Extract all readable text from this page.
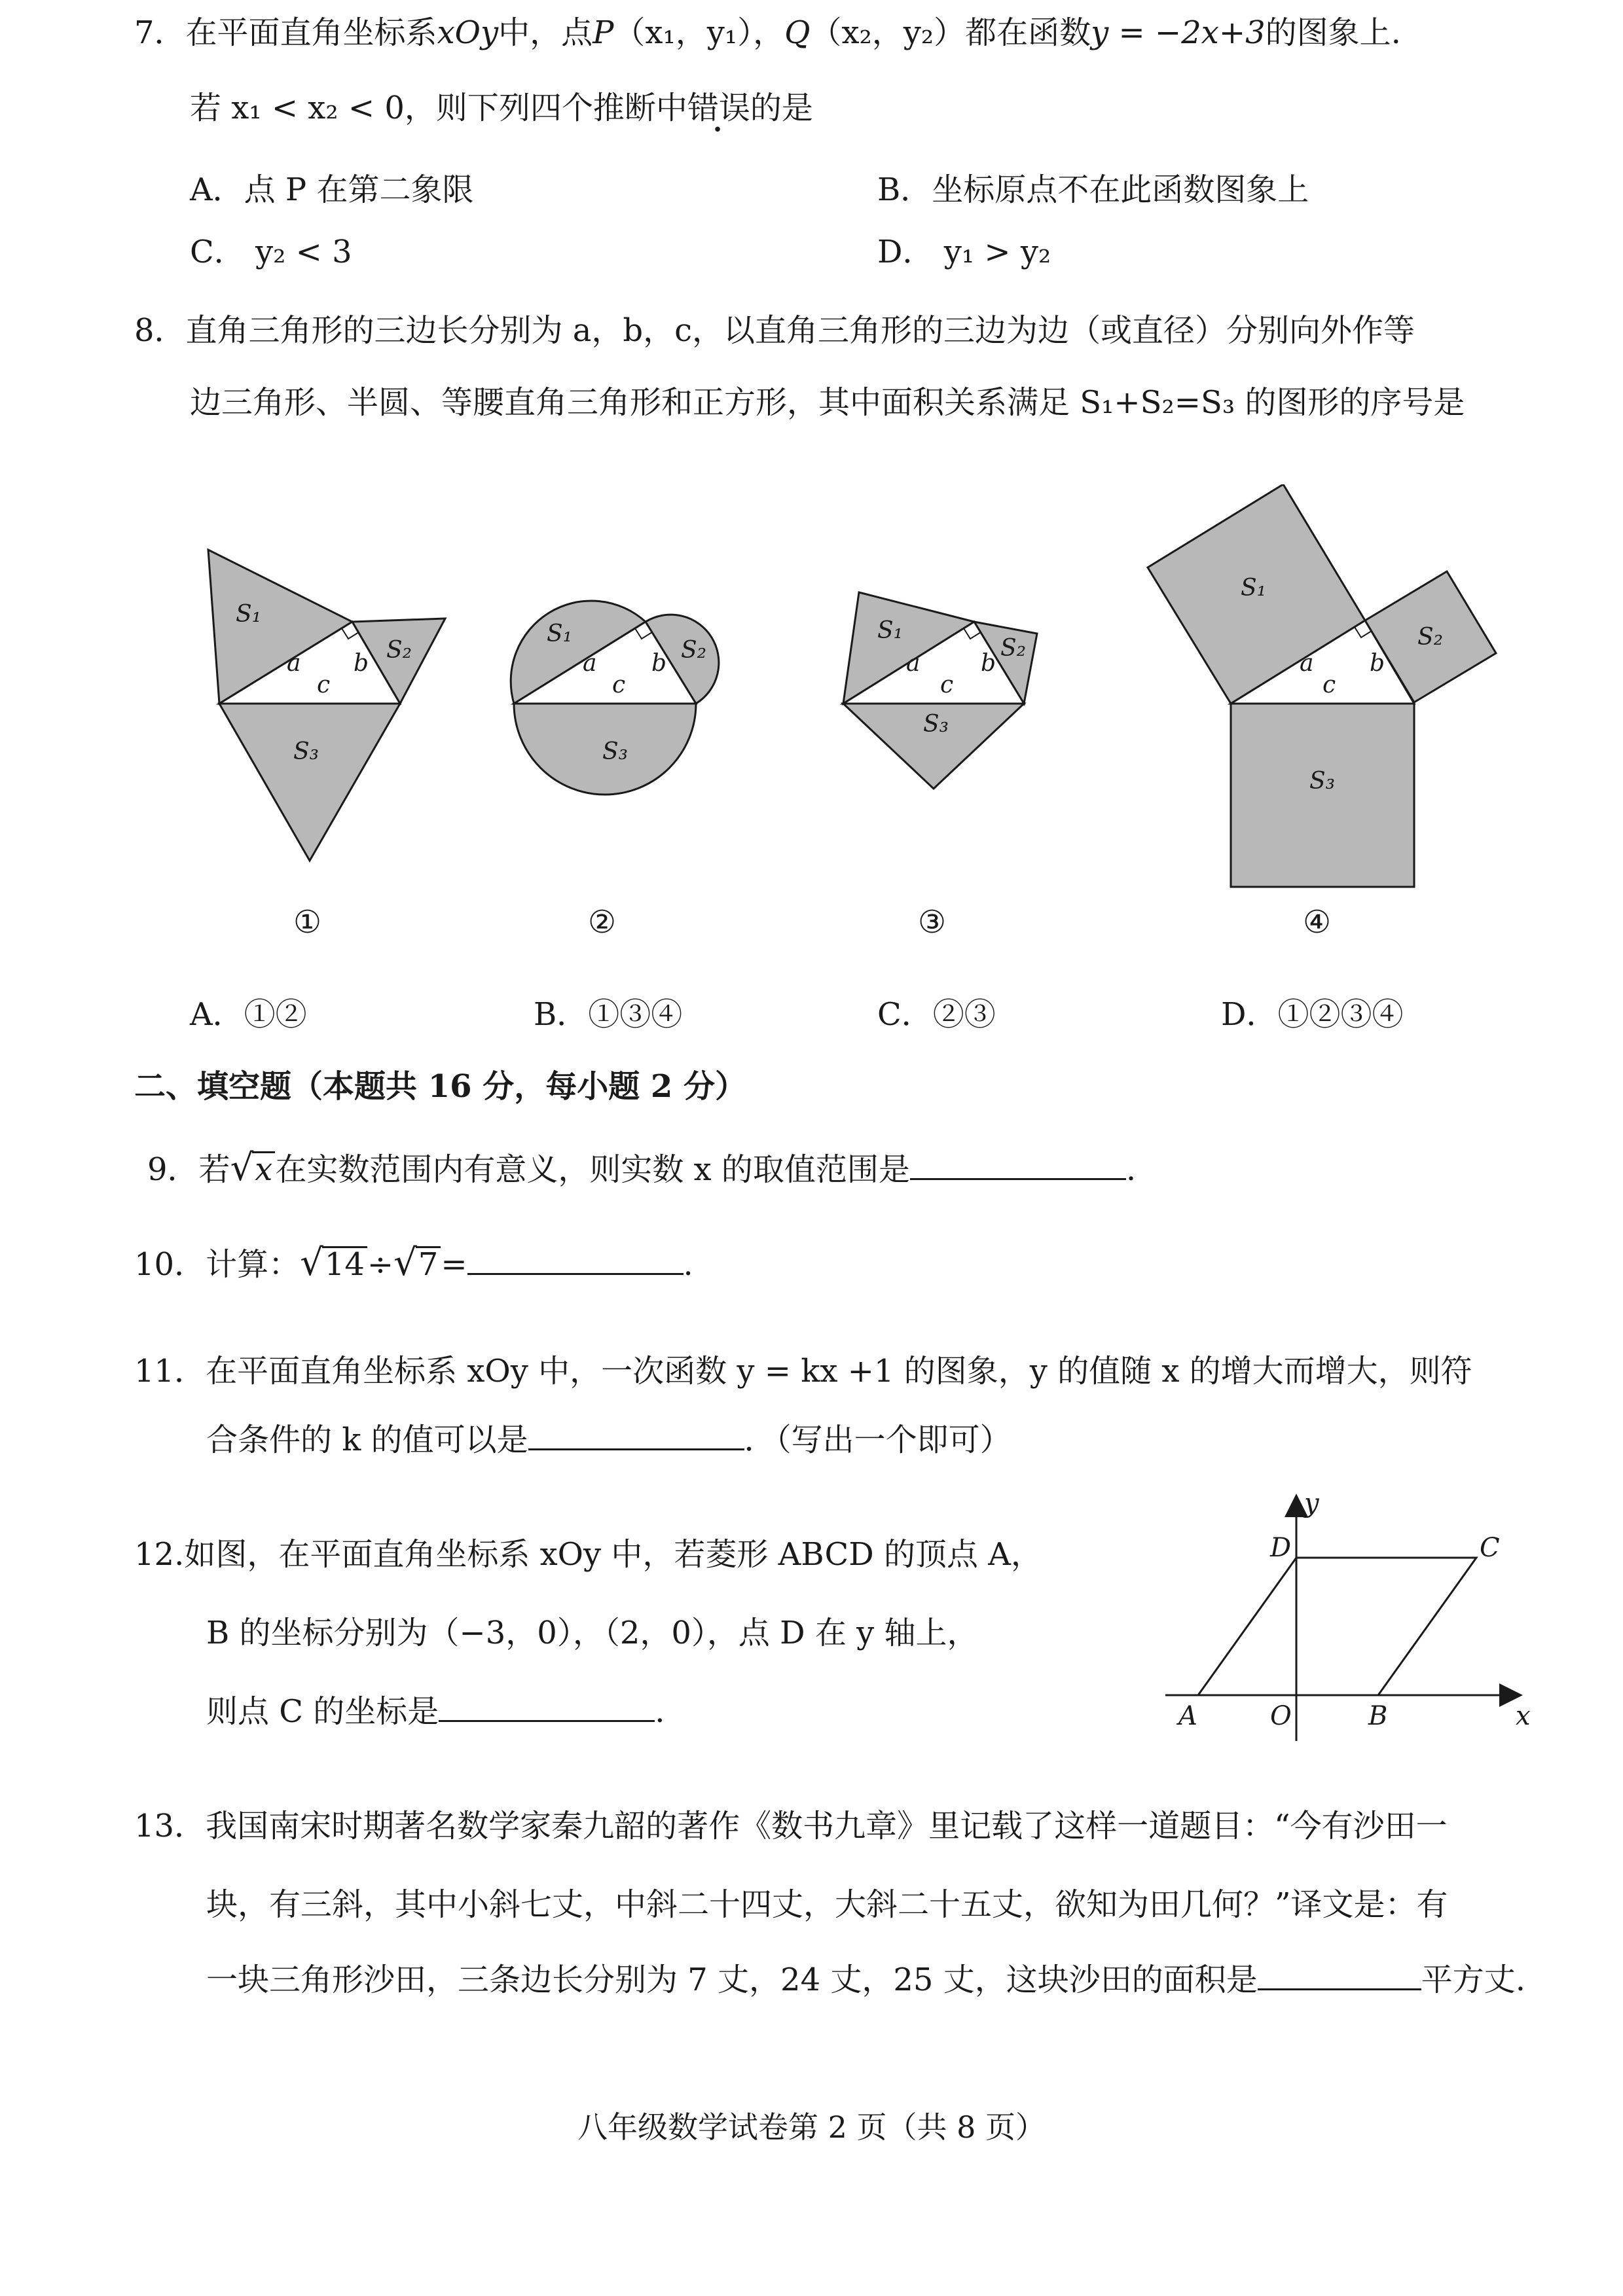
7．在平面直角坐标系xOy中，点P（x₁，y₁），Q（x₂，y₂）都在函数y = −2x+3的图象上.
若 x₁ < x₂ < 0，则下列四个推断中错误的是
A．点 P 在第二象限	B．坐标原点不在此函数图象上
C． y₂ < 3	D． y₁ > y₂
8．直角三角形的三边长分别为 a，b，c，以直角三角形的三边为边（或直径）分别向外作等
边三角形、半圆、等腰直角三角形和正方形，其中面积关系满足 S₁+S₂=S₃ 的图形的序号是
S₁
S₂
S₃
a b
c
S₁
S₂
S₃
a b
c
S₁
S₂
S₃
a	b
c
S₁
S₂
S₃
a b
c
①	②	③	④
A．①②	B．①③④	C．②③	D．①②③④
二、填空题（本题共 16 分，每小题 2 分）
9．若√x在实数范围内有意义，则实数 x 的取值范围是	.
10．计算：√14÷√7=	.
11．在平面直角坐标系 xOy 中，一次函数 y = kx +1 的图象，y 的值随 x 的增大而增大，则符
合条件的 k 的值可以是	．（写出一个即可）
12.如图，在平面直角坐标系 xOy 中，若菱形 ABCD 的顶点 A，
B 的坐标分别为（−3，0），（2，0），点 D 在 y 轴上，
则点 C 的坐标是	.	A	O	B
C
D
x
y
13．我国南宋时期著名数学家秦九韶的著作《数书九章》里记载了这样一道题目：“今有沙田一
块，有三斜，其中小斜七丈，中斜二十四丈，大斜二十五丈，欲知为田几何？”译文是：有
一块三角形沙田，三条边长分别为 7 丈，24 丈，25 丈，这块沙田的面积是	平方丈.
八年级数学试卷第 2 页（共 8 页）
